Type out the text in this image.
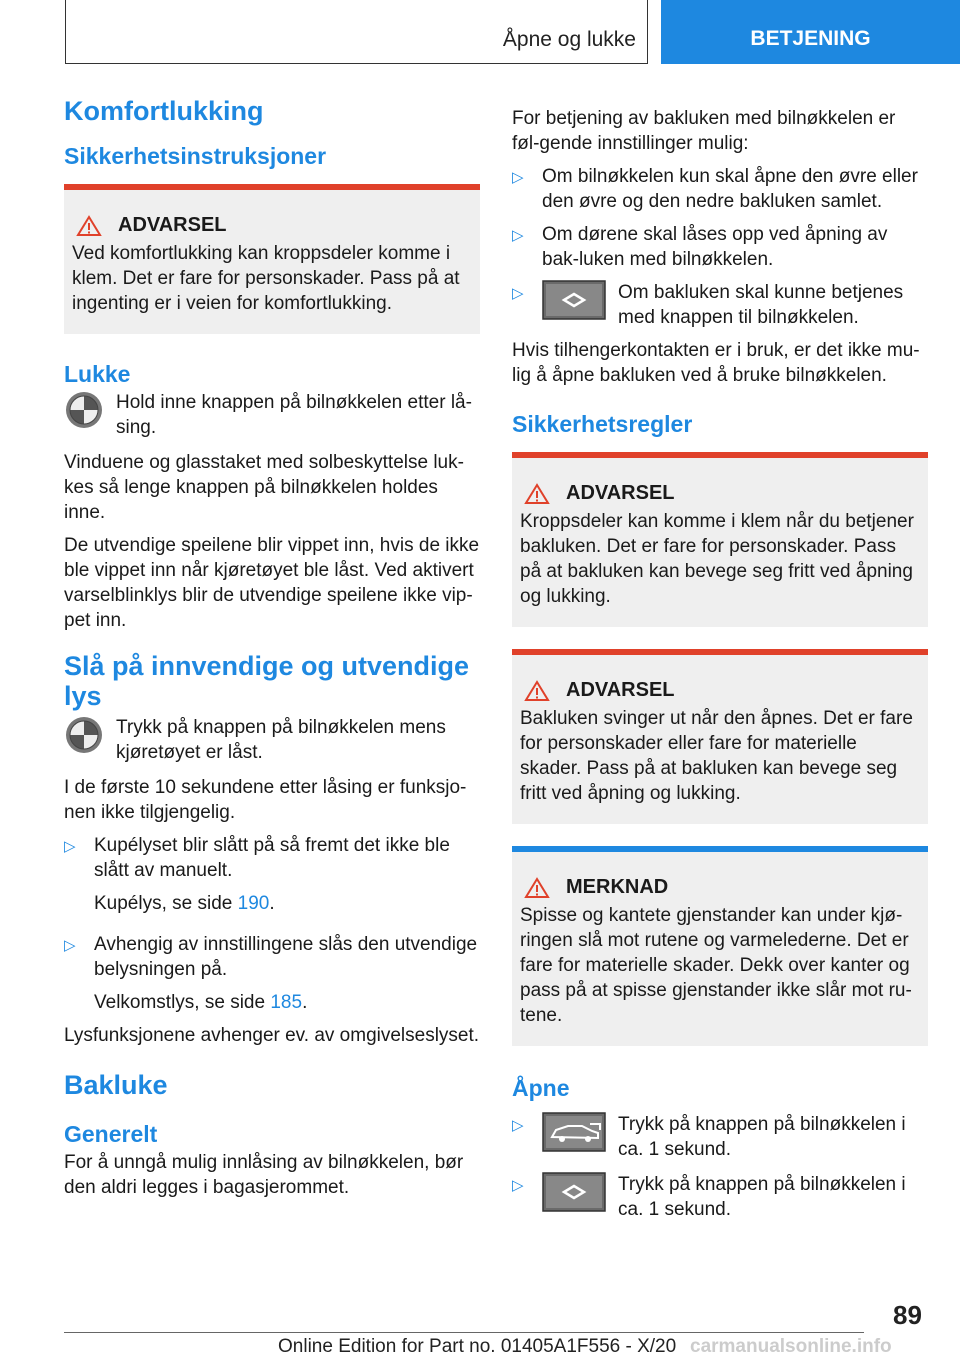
Åpne og lukke	BETJENING
Komfortlukking
Sikkerhetsinstruksjoner
ADVARSEL

Ved komfortlukking kan kroppsdeler komme i klem. Det er fare for personskader. Pass på at ingenting er i veien for komfortlukking.

Lukke

Hold inne knappen på bilnøkkelen etter lå-sing.

Vinduene og glasstaket med solbeskyttelse luk-kes så lenge knappen på bilnøkkelen holdes inne.

De utvendige speilene blir vippet inn, hvis de ikke ble vippet inn når kjøretøyet ble låst. Ved aktivert varselblinklys blir de utvendige speilene ikke vip-pet inn.

Slå på innvendige og utvendige lys

Trykk på knappen på bilnøkkelen mens kjøretøyet er låst.

I de første 10 sekundene etter låsing er funksjo-nen ikke tilgjengelig.

▷ Kupélyset blir slått på så fremt det ikke ble slått av manuelt.

Kupélys, se side 190.

▷ Avhengig av innstillingene slås den utvendige belysningen på.

Velkomstlys, se side 185.

Lysfunksjonene avhenger ev. av omgivelseslyset.

Bakluke
Generelt

For å unngå mulig innlåsing av bilnøkkelen, bør den aldri legges i bagasjerommet.

For betjening av bakluken med bilnøkkelen er føl-gende innstillinger mulig:

▷ Om bilnøkkelen kun skal åpne den øvre eller den øvre og den nedre bakluken samlet.

▷ Om dørene skal låses opp ved åpning av bak-luken med bilnøkkelen.

▷	Om bakluken skal kunne betjenes med knappen til bilnøkkelen.

Hvis tilhengerkontakten er i bruk, er det ikke mu-lig å åpne bakluken ved å bruke bilnøkkelen.

Sikkerhetsregler
ADVARSEL

Kroppsdeler kan komme i klem når du betjener bakluken. Det er fare for personskader. Pass på at bakluken kan bevege seg fritt ved åpning og lukking.

ADVARSEL

Bakluken svinger ut når den åpnes. Det er fare for personskader eller fare for materielle skader. Pass på at bakluken kan bevege seg fritt ved åpning og lukking.

MERKNAD

Spisse og kantete gjenstander kan under kjø-ringen slå mot rutene og varmelederne. Det er fare for materielle skader. Dekk over kanter og pass på at spisse gjenstander ikke slår mot ru-tene.

Åpne
▷	Trykk på knappen på bilnøkkelen i ca. 1 sekund.

▷	Trykk på knappen på bilnøkkelen i ca. 1 sekund.

89
Online Edition for Part no. 01405A1F556 - X/20 carmanualsonline.info
